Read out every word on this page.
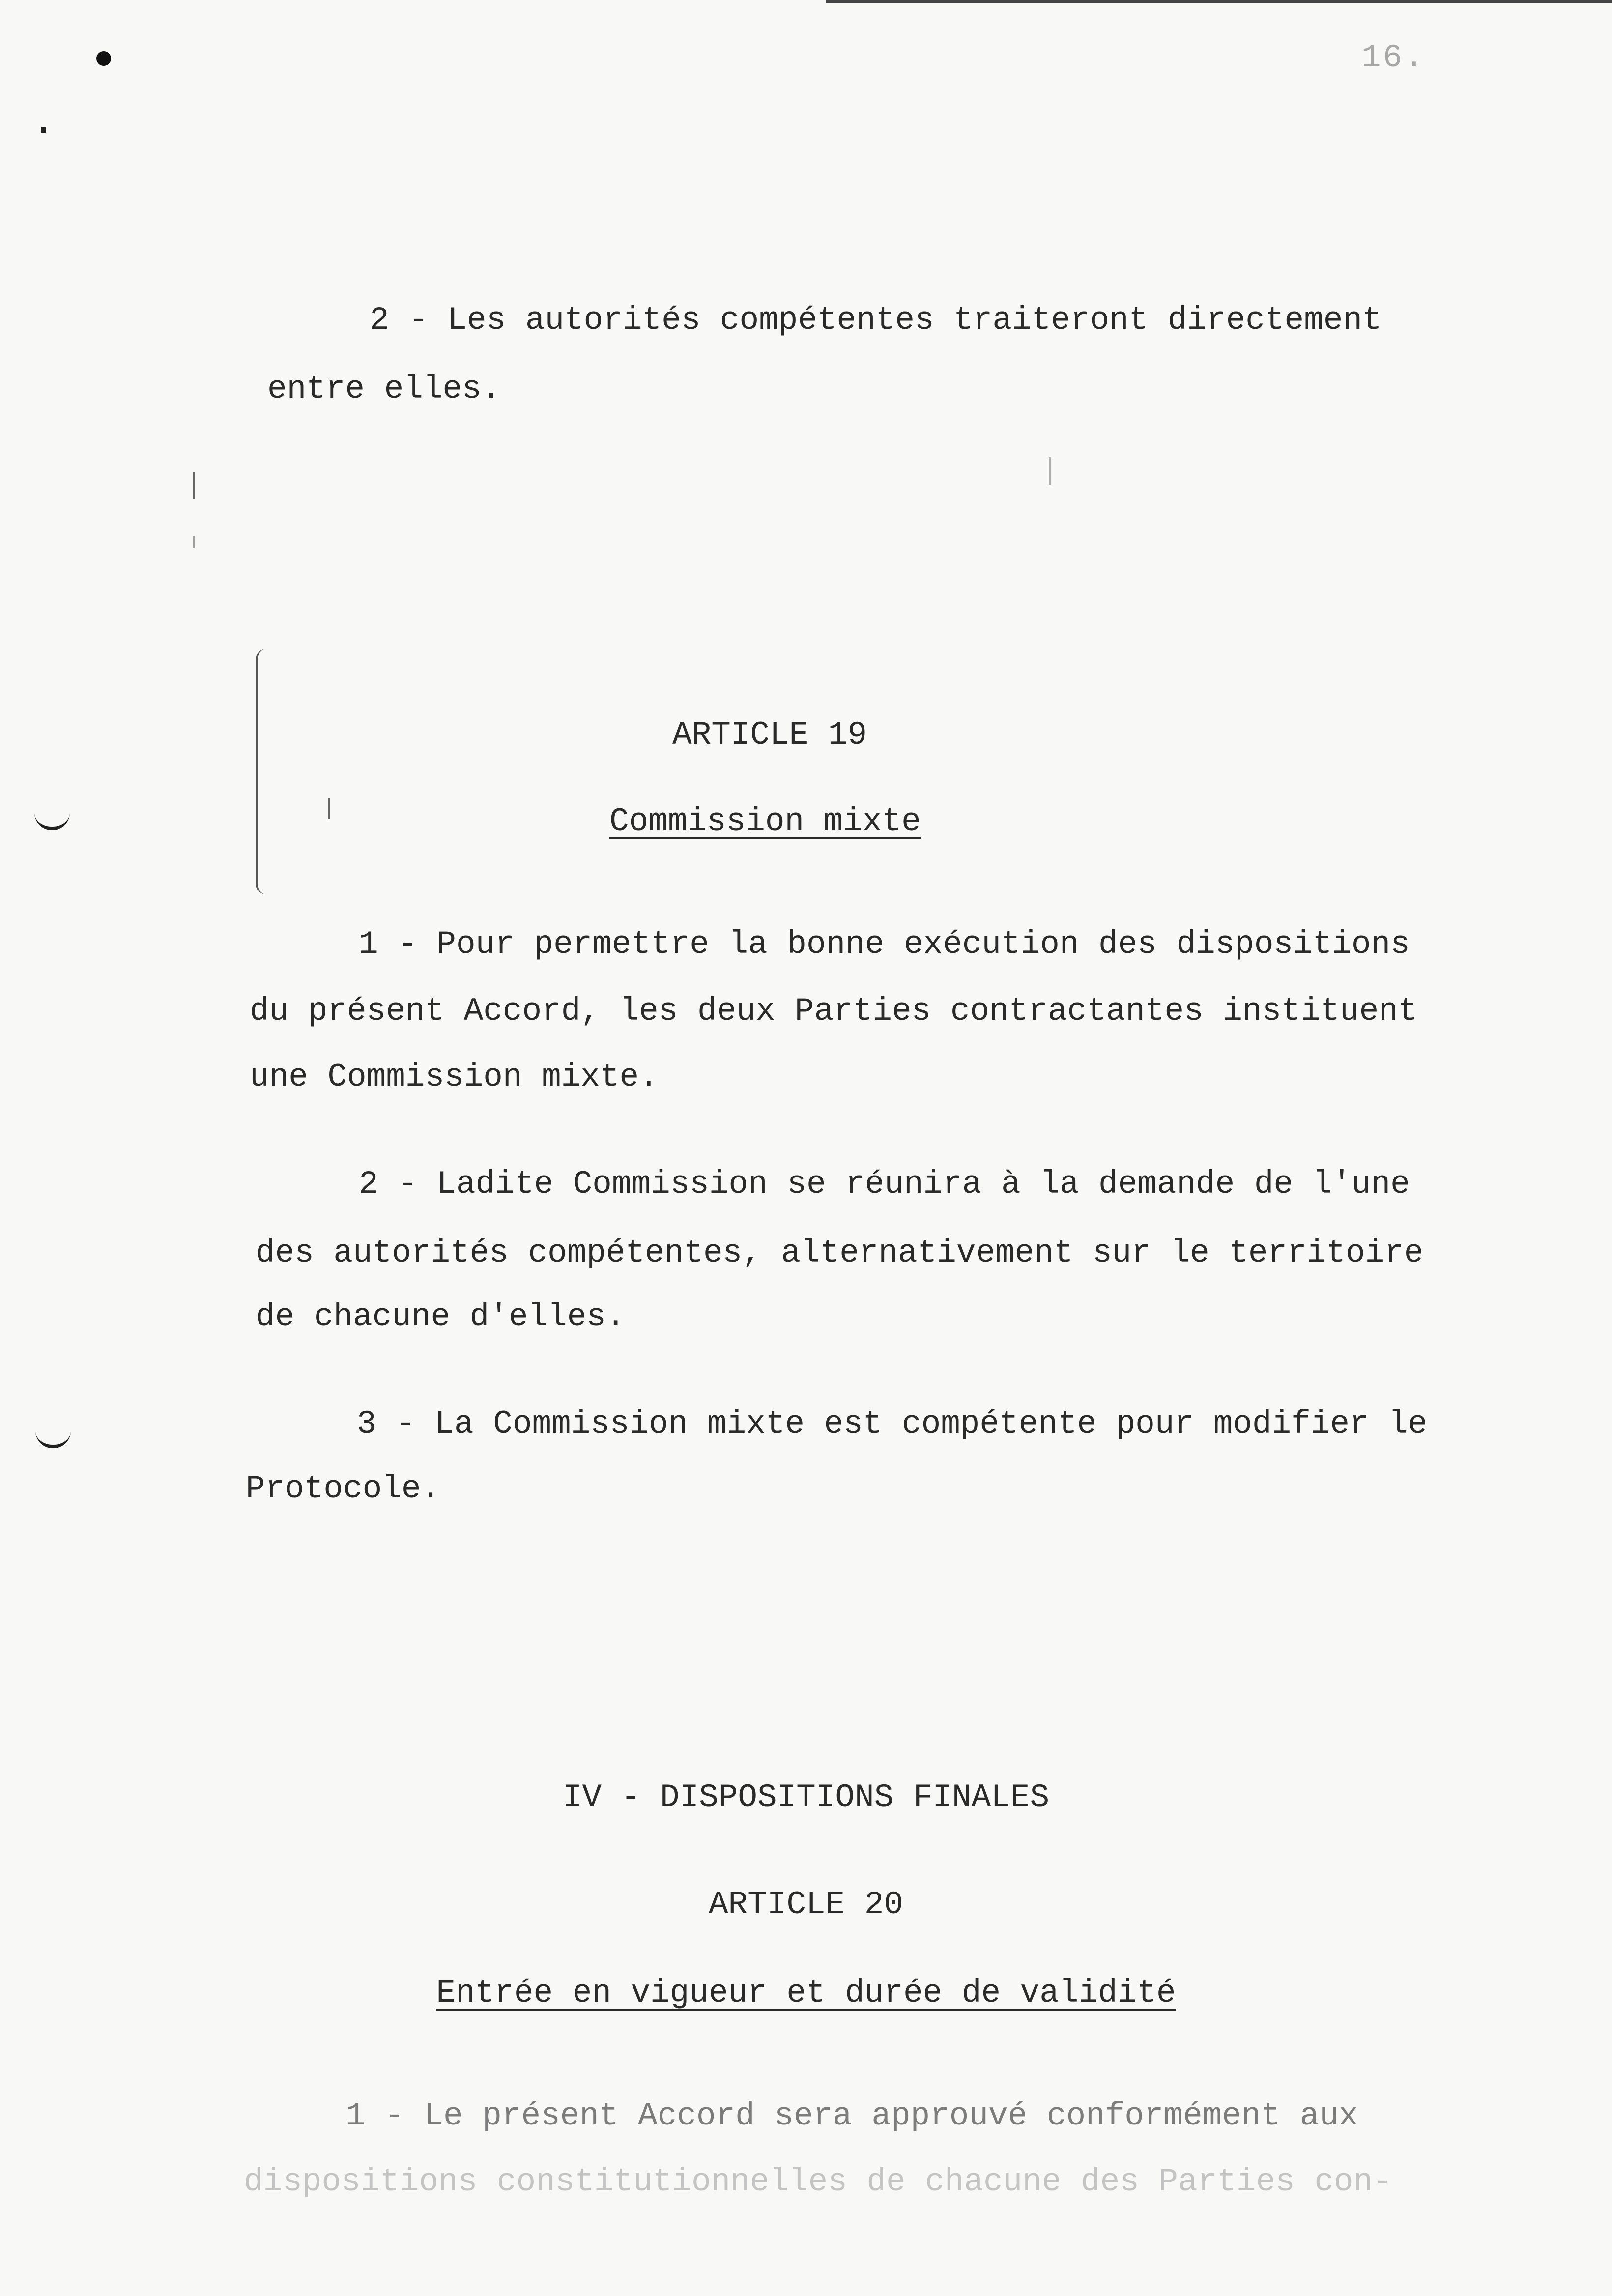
16.

2 - Les autorités compétentes traiteront directement

entre elles.

ARTICLE 19

Commission mixte

1 - Pour permettre la bonne exécution des dispositions

du présent Accord, les deux Parties contractantes instituent

une Commission mixte.

2 - Ladite Commission se réunira à la demande de l'une

des autorités compétentes, alternativement sur le territoire

de chacune d'elles.

3 - La Commission mixte est compétente pour modifier le

Protocole.

IV - DISPOSITIONS FINALES

ARTICLE 20

Entrée en vigueur et durée de validité

1 - Le présent Accord sera approuvé conformément aux

dispositions constitutionnelles de chacune des Parties con-
